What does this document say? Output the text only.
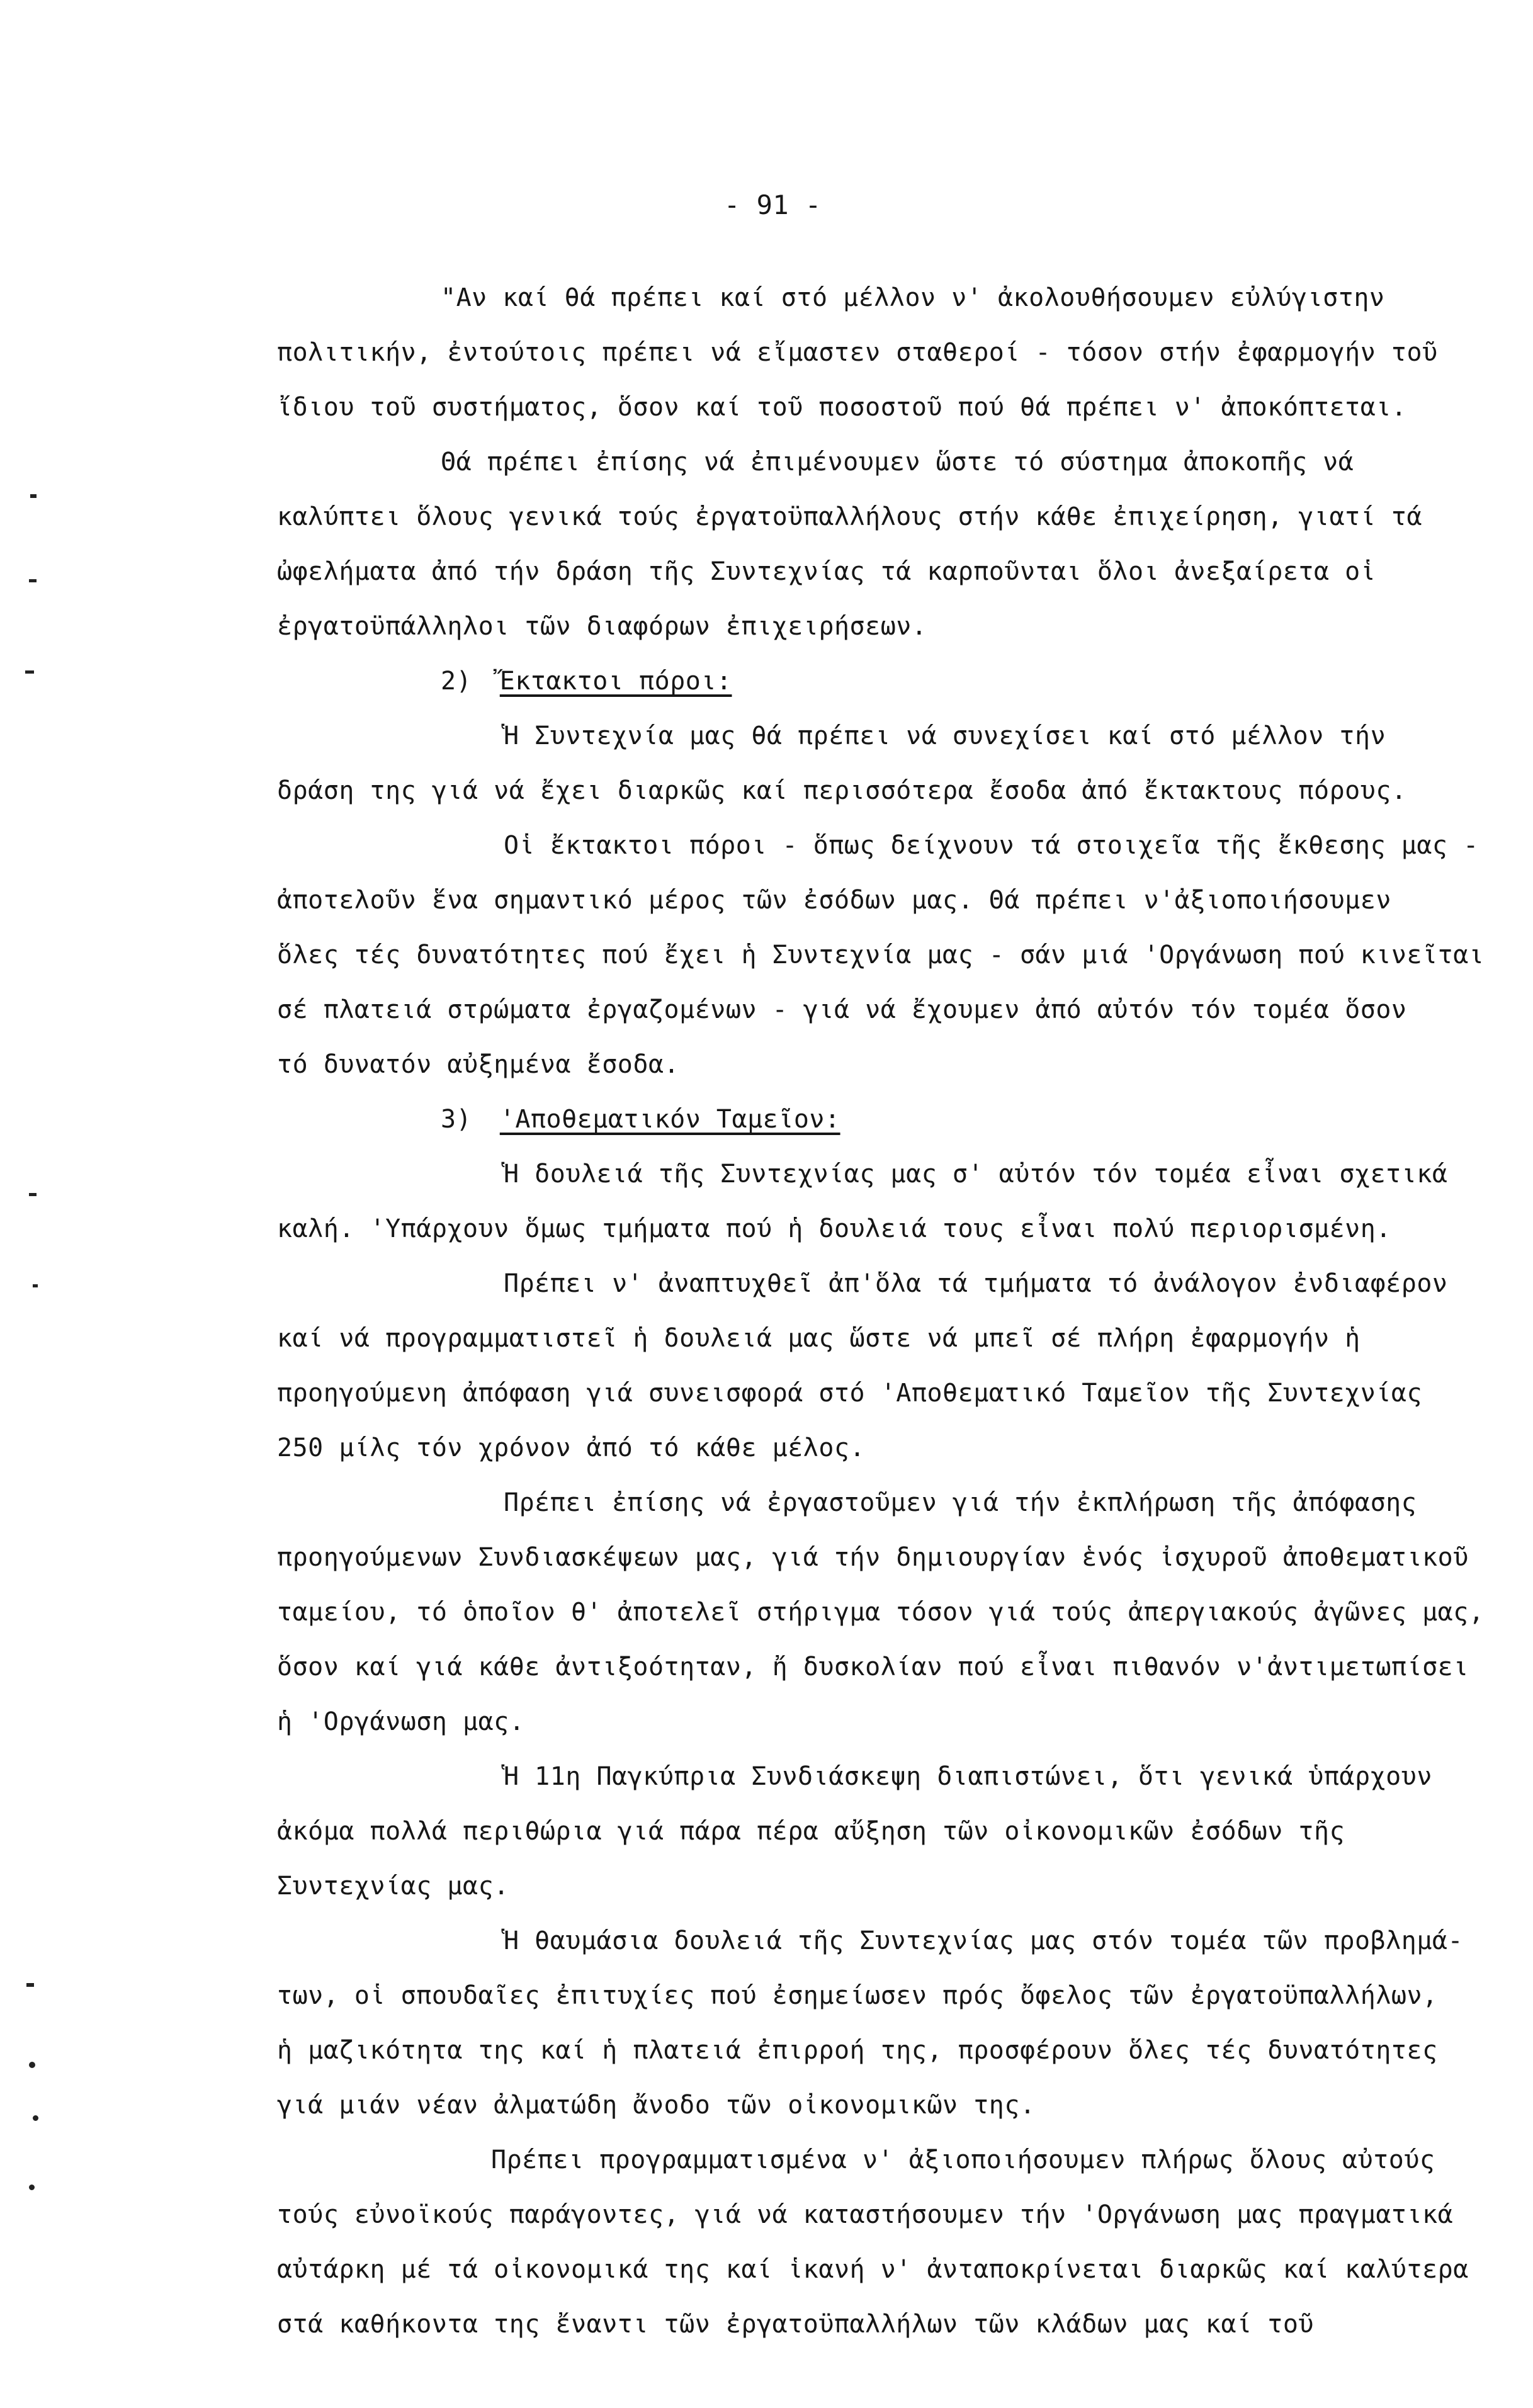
- 91 -
"Αν καί θά πρέπει καί στό μέλλον ν' ἀκολουθήσουμεν εὐλύγιστην
πολιτικήν, ἐντούτοις πρέπει νά εἴμαστεν σταθεροί - τόσον στήν ἐφαρμογήν τοῦ
ἴδιου τοῦ συστήματος, ὅσον καί τοῦ ποσοστοῦ πού θά πρέπει ν' ἀποκόπτεται.
Θά πρέπει ἐπίσης νά ἐπιμένουμεν ὥστε τό σύστημα ἀποκοπῆς νά
καλύπτει ὅλους γενικά τούς ἐργατοϋπαλλήλους στήν κάθε ἐπιχείρηση, γιατί τά
ὠφελήματα ἀπό τήν δράση τῆς Συντεχνίας τά καρποῦνται ὅλοι ἀνεξαίρετα οἱ
ἐργατοϋπάλληλοι τῶν διαφόρων ἐπιχειρήσεων.
2) Ἔκτακτοι πόροι:
Ἡ Συντεχνία μας θά πρέπει νά συνεχίσει καί στό μέλλον τήν
δράση της γιά νά ἔχει διαρκῶς καί περισσότερα ἔσοδα ἀπό ἔκτακτους πόρους.
Οἱ ἔκτακτοι πόροι - ὅπως δείχνουν τά στοιχεῖα τῆς ἔκθεσης μας -
ἀποτελοῦν ἕνα σημαντικό μέρος τῶν ἐσόδων μας. Θά πρέπει ν'ἀξιοποιήσουμεν
ὅλες τές δυνατότητες πού ἔχει ἡ Συντεχνία μας - σάν μιά 'Οργάνωση πού κινεῖται
σέ πλατειά στρώματα ἐργαζομένων - γιά νά ἔχουμεν ἀπό αὐτόν τόν τομέα ὅσον
τό δυνατόν αὐξημένα ἔσοδα.
3) 'Αποθεματικόν Ταμεῖον:
Ἡ δουλειά τῆς Συντεχνίας μας σ' αὐτόν τόν τομέα εἶναι σχετικά
καλή. 'Υπάρχουν ὅμως τμήματα πού ἡ δουλειά τους εἶναι πολύ περιορισμένη.
Πρέπει ν' ἀναπτυχθεῖ ἀπ'ὅλα τά τμήματα τό ἀνάλογον ἐνδιαφέρον
καί νά προγραμματιστεῖ ἡ δουλειά μας ὥστε νά μπεῖ σέ πλήρη ἐφαρμογήν ἡ
προηγούμενη ἀπόφαση γιά συνεισφορά στό 'Αποθεματικό Ταμεῖον τῆς Συντεχνίας
250 μίλς τόν χρόνον ἀπό τό κάθε μέλος.
Πρέπει ἐπίσης νά ἐργαστοῦμεν γιά τήν ἐκπλήρωση τῆς ἀπόφασης
προηγούμενων Συνδιασκέψεων μας, γιά τήν δημιουργίαν ἑνός ἰσχυροῦ ἀποθεματικοῦ
ταμείου, τό ὁποῖον θ' ἀποτελεῖ στήριγμα τόσον γιά τούς ἀπεργιακούς ἀγῶνες μας,
ὅσον καί γιά κάθε ἀντιξοότηταν, ἤ δυσκολίαν πού εἶναι πιθανόν ν'ἀντιμετωπίσει
ἡ 'Οργάνωση μας.
Ἡ 11η Παγκύπρια Συνδιάσκεψη διαπιστώνει, ὅτι γενικά ὑπάρχουν
ἀκόμα πολλά περιθώρια γιά πάρα πέρα αὔξηση τῶν οἰκονομικῶν ἐσόδων τῆς
Συντεχνίας μας.
Ἡ θαυμάσια δουλειά τῆς Συντεχνίας μας στόν τομέα τῶν προβλημά-
των, οἱ σπουδαῖες ἐπιτυχίες πού ἐσημείωσεν πρός ὄφελος τῶν ἐργατοϋπαλλήλων,
ἡ μαζικότητα της καί ἡ πλατειά ἐπιρροή της, προσφέρουν ὅλες τές δυνατότητες
γιά μιάν νέαν ἀλματώδη ἄνοδο τῶν οἰκονομικῶν της.
Πρέπει προγραμματισμένα ν' ἀξιοποιήσουμεν πλήρως ὅλους αὐτούς
τούς εὐνοϊκούς παράγοντες, γιά νά καταστήσουμεν τήν 'Οργάνωση μας πραγματικά
αὐτάρκη μέ τά οἰκονομικά της καί ἱκανή ν' ἀνταποκρίνεται διαρκῶς καί καλύτερα
στά καθήκοντα της ἔναντι τῶν ἐργατοϋπαλλήλων τῶν κλάδων μας καί τοῦ
